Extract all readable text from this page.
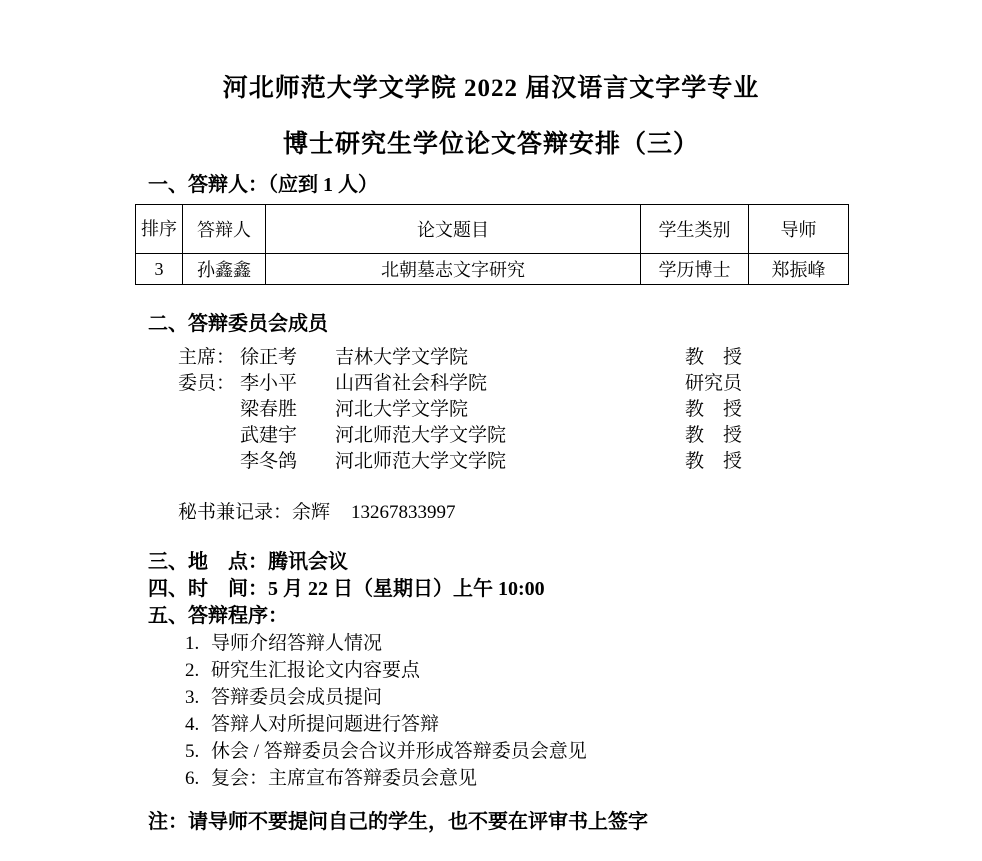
河北师范大学文学院 2022 届汉语言文字学专业
博士研究生学位论文答辩安排（三）
一、答辩人：（应到 1 人）
排序	答辩人	论文题目	学生类别	导师
3	孙鑫鑫	北朝墓志文字研究	学历博士	郑振峰
二、答辩委员会成员
主席： 徐正考	吉林大学文学院	教　授
委员： 李小平	山西省社会科学院	研究员
梁春胜	河北大学文学院	教　授
武建宇	河北师范大学文学院	教　授
李冬鸽	河北师范大学文学院	教　授
秘书兼记录：余辉 13267833997
三、地　点：腾讯会议
四、时　间：5 月 22 日（星期日）上午 10:00
五、答辩程序：
1. 导师介绍答辩人情况
2. 研究生汇报论文内容要点
3. 答辩委员会成员提问
4. 答辩人对所提问题进行答辩
5. 休会 / 答辩委员会合议并形成答辩委员会意见
6. 复会：主席宣布答辩委员会意见
注：请导师不要提问自己的学生，也不要在评审书上签字
